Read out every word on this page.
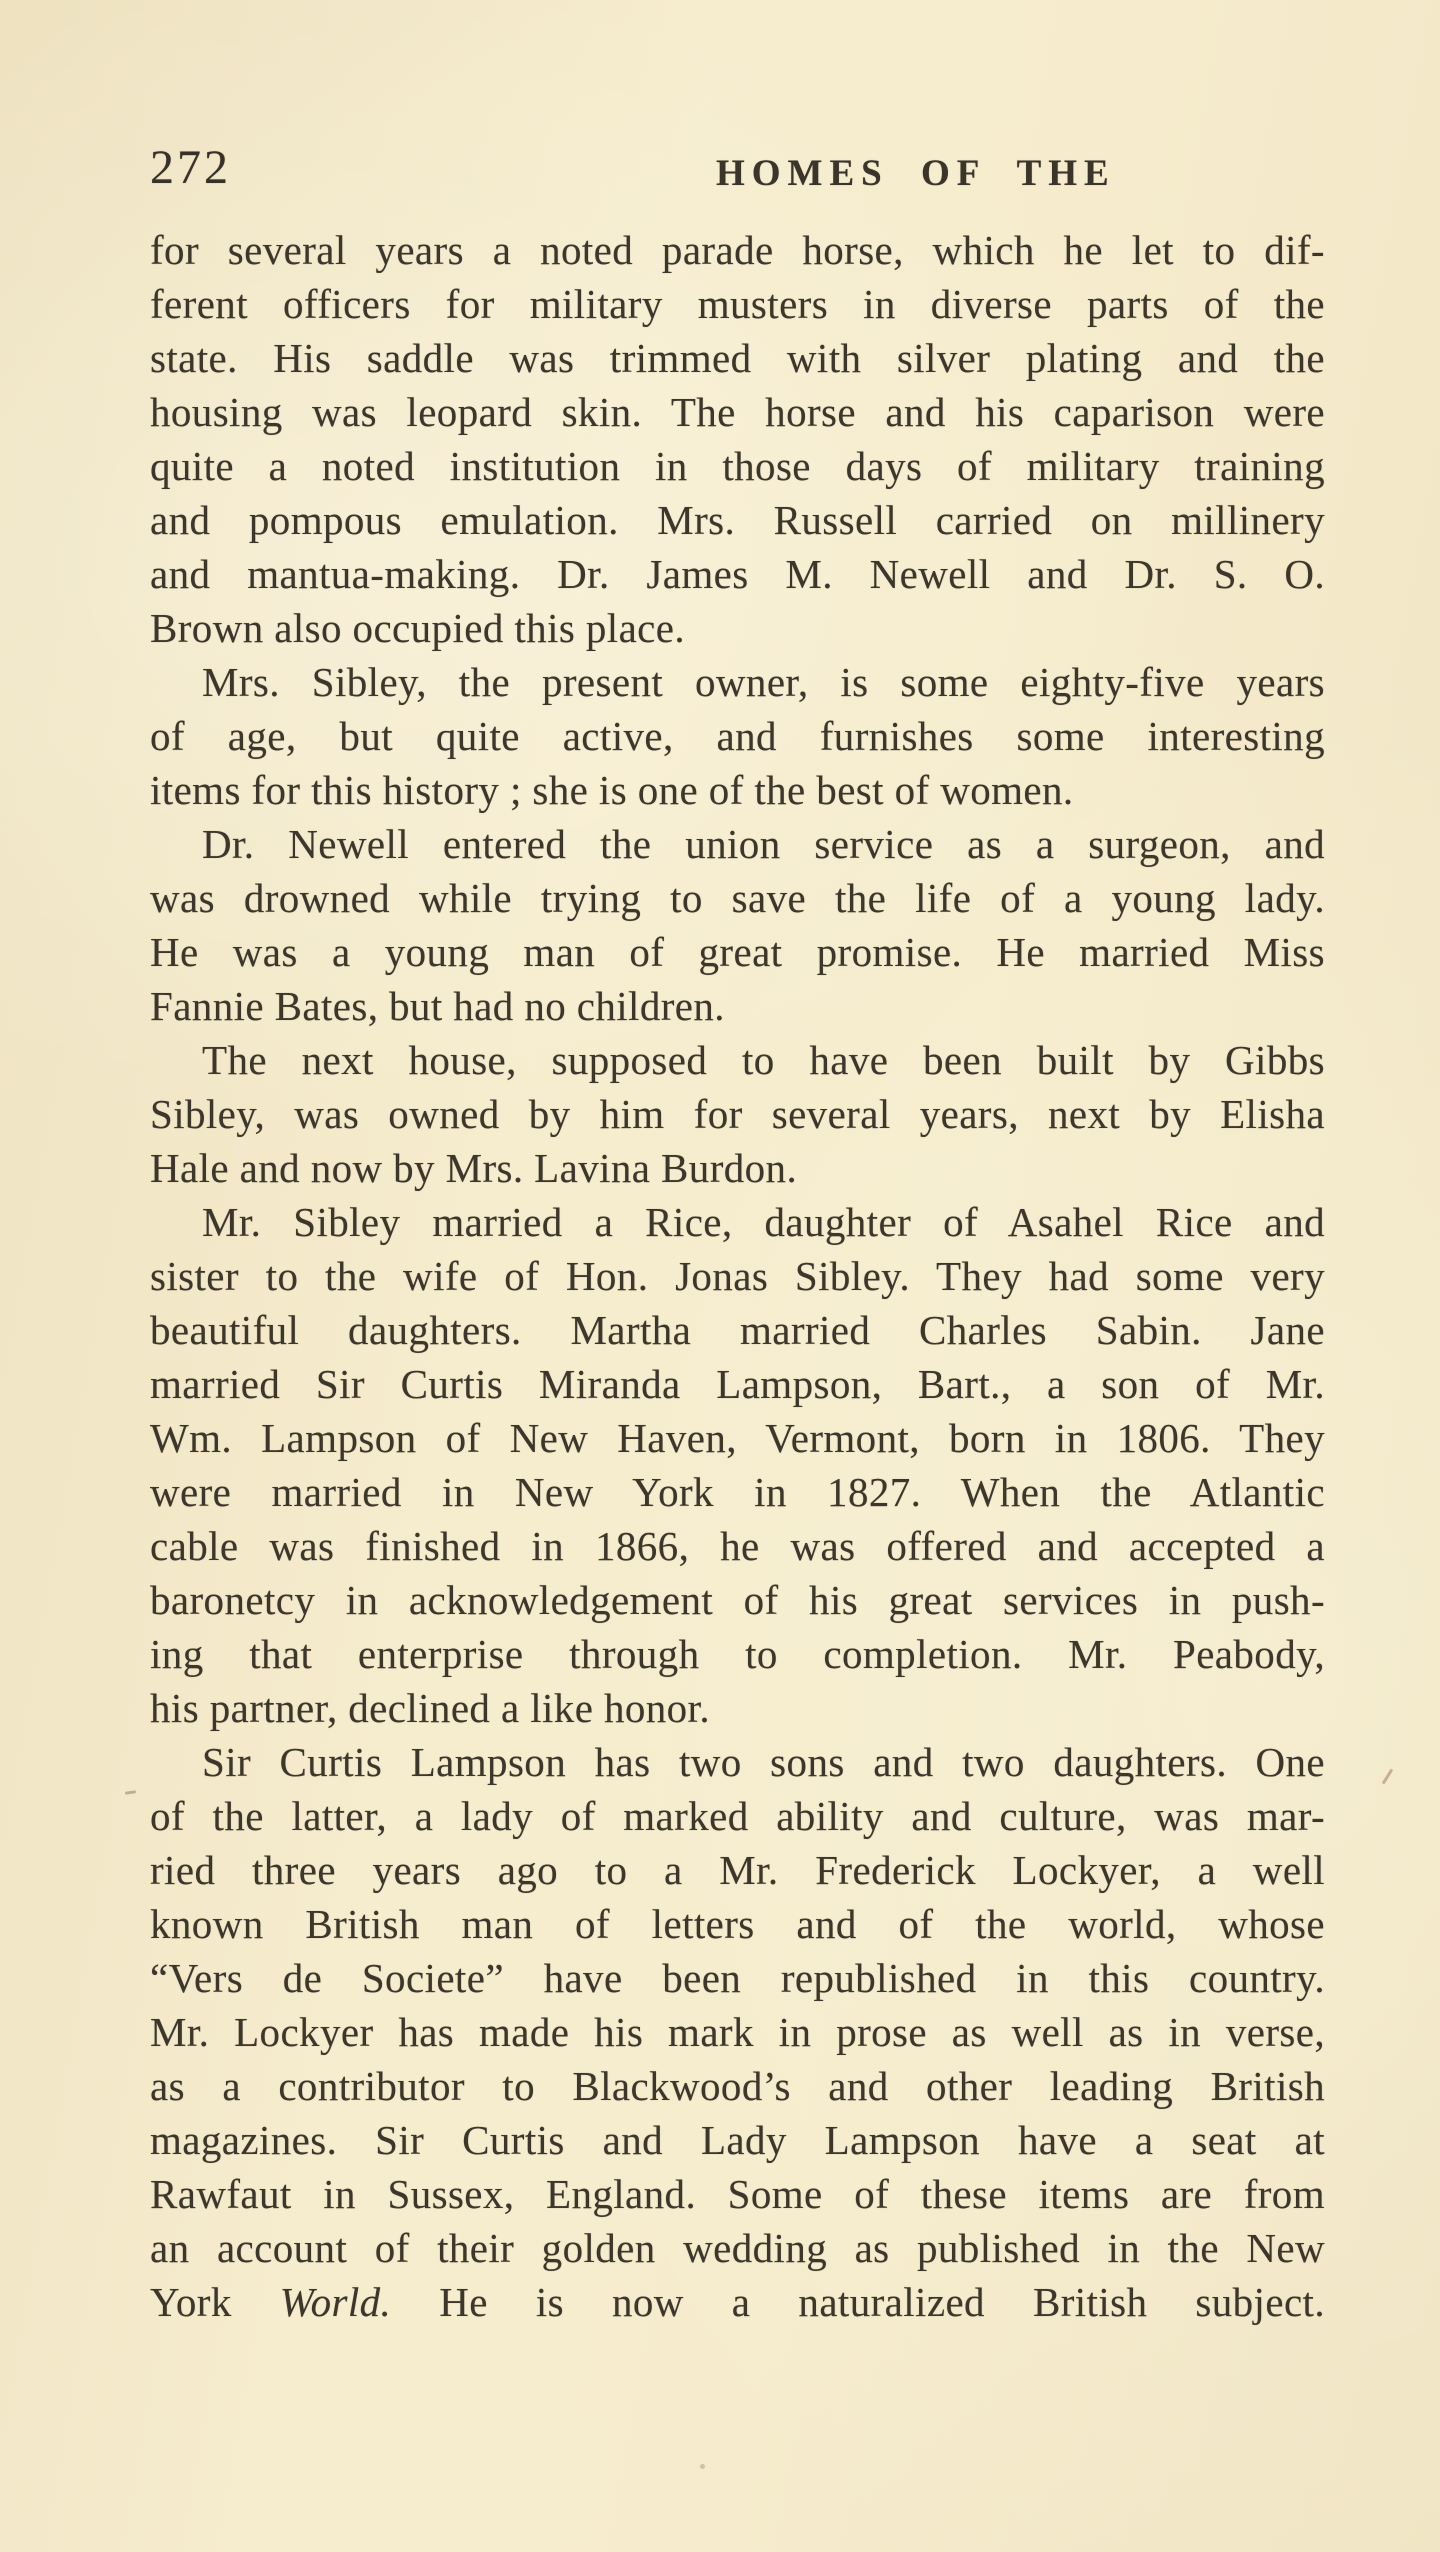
272	HOMES OF THE
for several years a noted parade horse, which he let to dif-
ferent officers for military musters in diverse parts of the
state. His saddle was trimmed with silver plating and the
housing was leopard skin. The horse and his caparison were
quite a noted institution in those days of military training
and pompous emulation. Mrs. Russell carried on millinery
and mantua-making. Dr. James M. Newell and Dr. S. O.
Brown also occupied this place.
Mrs. Sibley, the present owner, is some eighty-five years
of age, but quite active, and furnishes some interesting
items for this history ; she is one of the best of women.
Dr. Newell entered the union service as a surgeon, and
was drowned while trying to save the life of a young lady.
He was a young man of great promise. He married Miss
Fannie Bates, but had no children.
The next house, supposed to have been built by Gibbs
Sibley, was owned by him for several years, next by Elisha
Hale and now by Mrs. Lavina Burdon.
Mr. Sibley married a Rice, daughter of Asahel Rice and
sister to the wife of Hon. Jonas Sibley. They had some very
beautiful daughters. Martha married Charles Sabin. Jane
married Sir Curtis Miranda Lampson, Bart., a son of Mr.
Wm. Lampson of New Haven, Vermont, born in 1806. They
were married in New York in 1827. When the Atlantic
cable was finished in 1866, he was offered and accepted a
baronetcy in acknowledgement of his great services in push-
ing that enterprise through to completion. Mr. Peabody,
his partner, declined a like honor.
Sir Curtis Lampson has two sons and two daughters. One
of the latter, a lady of marked ability and culture, was mar-
ried three years ago to a Mr. Frederick Lockyer, a well
known British man of letters and of the world, whose
“Vers de Societe” have been republished in this country.
Mr. Lockyer has made his mark in prose as well as in verse,
as a contributor to Blackwood’s and other leading British
magazines. Sir Curtis and Lady Lampson have a seat at
Rawfaut in Sussex, England. Some of these items are from
an account of their golden wedding as published in the New
York World. He is now a naturalized British subject.
